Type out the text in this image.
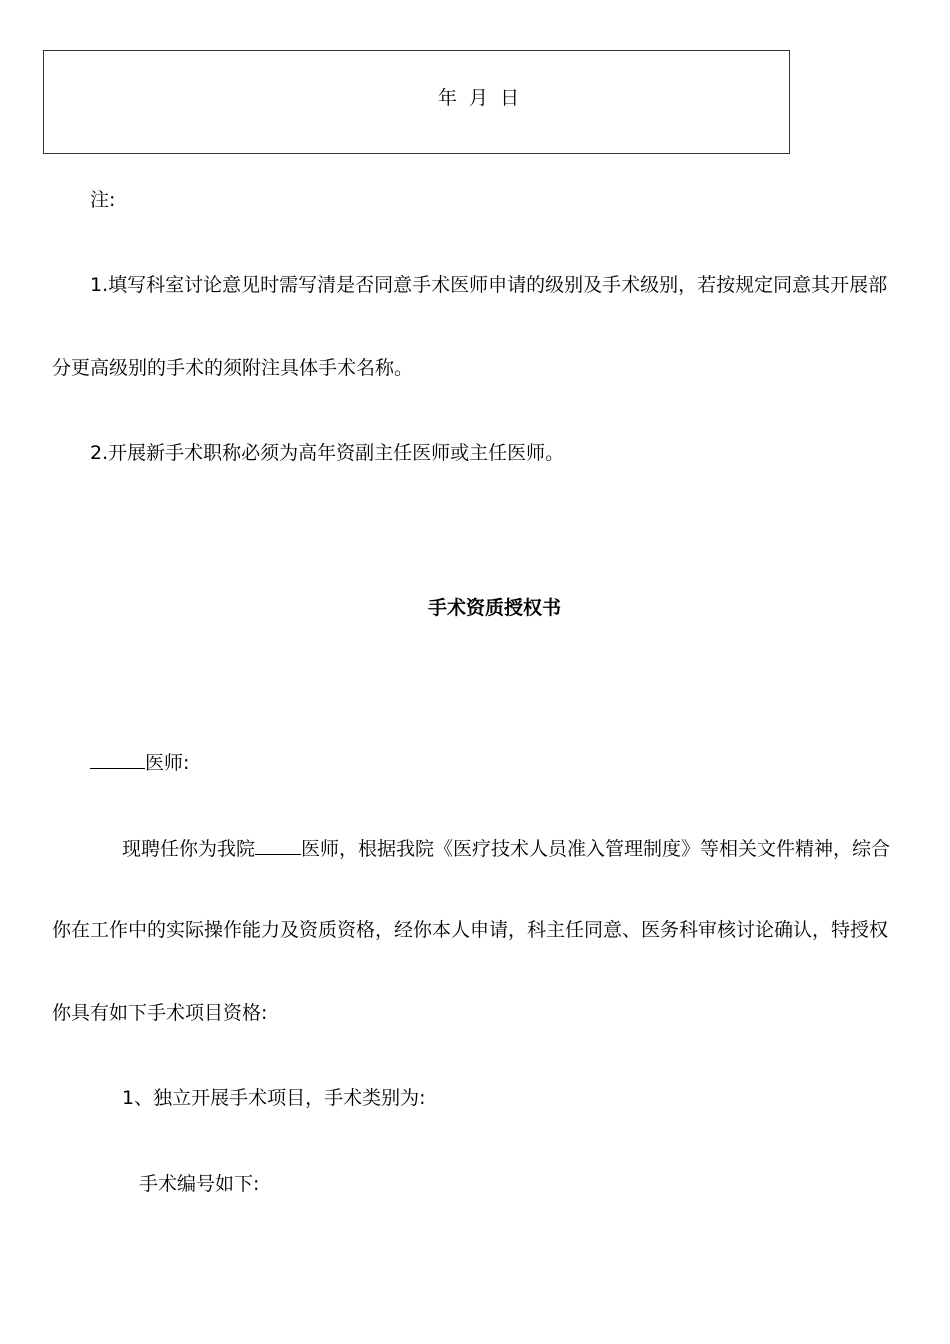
年 月 日
注:
1.填写科室讨论意见时需写清是否同意手术医师申请的级别及手术级别，若按规定同意其开展部
分更高级别的手术的须附注具体手术名称。
2.开展新手术职称必须为高年资副主任医师或主任医师。
手术资质授权书
医师:
现聘任你为我院 医师，根据我院《医疗技术人员准入管理制度》等相关文件精神，综合
你在工作中的实际操作能力及资质资格，经你本人申请，科主任同意、医务科审核讨论确认，特授权
你具有如下手术项目资格:
1、独立开展手术项目，手术类别为:
手术编号如下:
